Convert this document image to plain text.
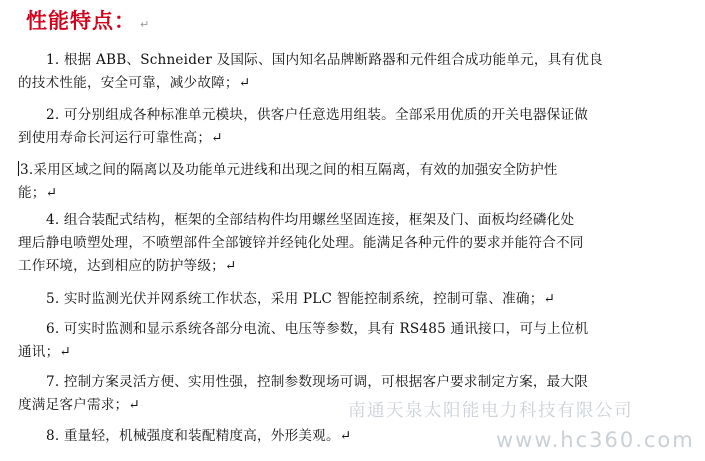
性能特点： ↵
1. 根据 ABB、Schneider 及国际、国内知名品牌断路器和元件组合成功能单元，具有优良
的技术性能，安全可靠，减少故障；↵
2. 可分别组成各种标准单元模块，供客户任意选用组装。全部采用优质的开关电器保证做
到使用寿命长河运行可靠性高；↵
3.采用区域之间的隔离以及功能单元进线和出现之间的相互隔离，有效的加强安全防护性
能；↵
4. 组合装配式结构，框架的全部结构件均用螺丝坚固连接，框架及门、面板均经磷化处
理后静电喷塑处理，不喷塑部件全部镀锌并经钝化处理。能满足各种元件的要求并能符合不同
工作环境，达到相应的防护等级；↵
5. 实时监测光伏并网系统工作状态，采用 PLC 智能控制系统，控制可靠、准确；↵
6. 可实时监测和显示系统各部分电流、电压等参数，具有 RS485 通讯接口，可与上位机
通讯；↵
7. 控制方案灵活方便、实用性强，控制参数现场可调，可根据客户要求制定方案，最大限
度满足客户需求；↵
8. 重量轻，机械强度和装配精度高，外形美观。↵
南通天泉太阳能电力科技有限公司
www.hc360.com
